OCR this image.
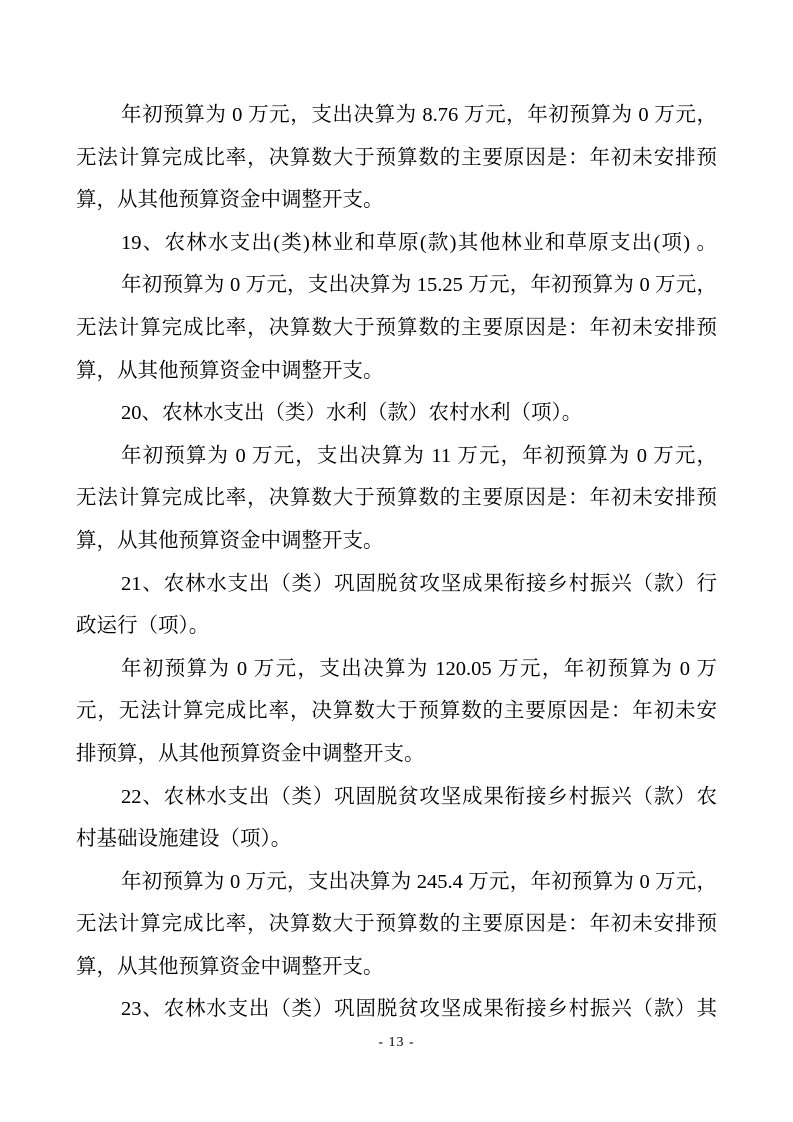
年初预算为 0 万元，支出决算为 8.76 万元，年初预算为 0 万元，
无法计算完成比率，决算数大于预算数的主要原因是：年初未安排预
算，从其他预算资金中调整开支。
19、农林水支出(类)林业和草原(款)其他林业和草原支出(项) 。
年初预算为 0 万元，支出决算为 15.25 万元，年初预算为 0 万元，
无法计算完成比率，决算数大于预算数的主要原因是：年初未安排预
算，从其他预算资金中调整开支。
20、农林水支出（类）水利（款）农村水利（项）。
年初预算为 0 万元，支出决算为 11 万元，年初预算为 0 万元，
无法计算完成比率，决算数大于预算数的主要原因是：年初未安排预
算，从其他预算资金中调整开支。
21、农林水支出（类）巩固脱贫攻坚成果衔接乡村振兴（款）行
政运行（项）。
年初预算为 0 万元，支出决算为 120.05 万元，年初预算为 0 万
元，无法计算完成比率，决算数大于预算数的主要原因是：年初未安
排预算，从其他预算资金中调整开支。
22、农林水支出（类）巩固脱贫攻坚成果衔接乡村振兴（款）农
村基础设施建设（项）。
年初预算为 0 万元，支出决算为 245.4 万元，年初预算为 0 万元，
无法计算完成比率，决算数大于预算数的主要原因是：年初未安排预
算，从其他预算资金中调整开支。
23、农林水支出（类）巩固脱贫攻坚成果衔接乡村振兴（款）其
- 13 -
